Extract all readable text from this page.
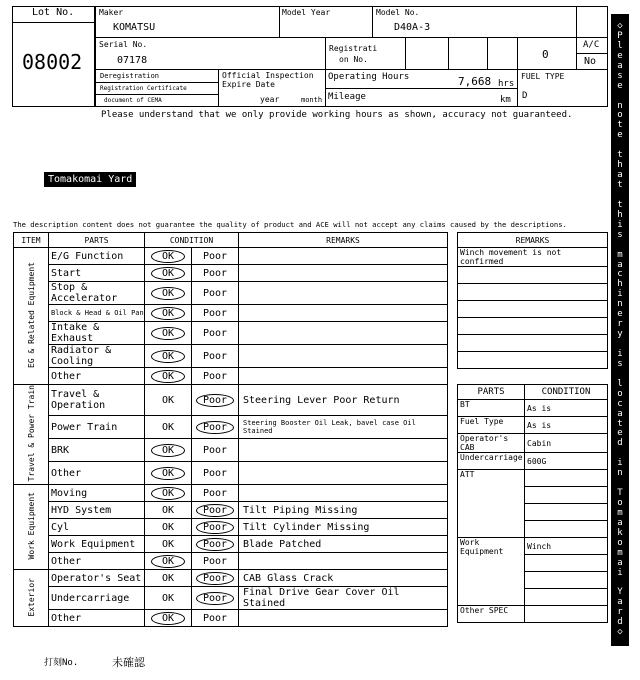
Lot No.
08002
Maker
KOMATSU
Model Year	Model No.
D40A-3
Serial No.
07178
Registrati
on No.	0
A/C
No
Deregistration
Registration Certificate
document of CEMA
Official Inspection
Expire Date
year	month
Operating Hours	7,668 hrs
Mileage	km
FUEL TYPE
D
Please understand that we only provide working hours as shown, accuracy not guaranteed.
Tomakomai Yard
The description content does not guarantee the quality of product and ACE will not accept any claims caused by the descriptions.
ITEM	PARTS	CONDITION		REMARKS
EG & Related Equipment	E/G Function	OK	Poor	
	Start	OK	Poor	
	Stop & Accelerator	OK	Poor	
	Block & Head & Oil Pan	OK	Poor	
	Intake & Exhaust	OK	Poor	
	Radiator & Cooling	OK	Poor	
	Other	OK	Poor	
Travel & Power Train	Travel & Operation	OK	Poor	Steering Lever Poor Return
	Power Train	OK	Poor	Steering Booster Oil Leak, bavel case Oil Stained
	BRK	OK	Poor	
	Other	OK	Poor	
Work Equipment	Moving	OK	Poor	
	HYD System	OK	Poor	Tilt Piping Missing
	Cyl	OK	Poor	Tilt Cylinder Missing
	Work Equipment	OK	Poor	Blade Patched
	Other	OK	Poor	
Exterior	Operator's Seat	OK	Poor	CAB Glass Crack
	Undercarriage	OK	Poor	Final Drive Gear Cover Oil Stained
	Other	OK	Poor	
REMARKS
Winch movement is not confirmed

PARTS	CONDITION
BT	As is
Fuel Type	As is
Operator's CAB	Cabin
Undercarriage	600G
ATT	

Work Equipment	Winch

Other SPEC	
◇
P
l
e
a
s
e

n
o
t
e

t
h
a
t

t
h
i
s

m
a
c
h
i
n
e
r
y

i
s

l
o
c
a
t
e
d

i
n

T
o
m
a
k
o
m
a
i

Y
a
r
d
◇
打刻No.	未確認
